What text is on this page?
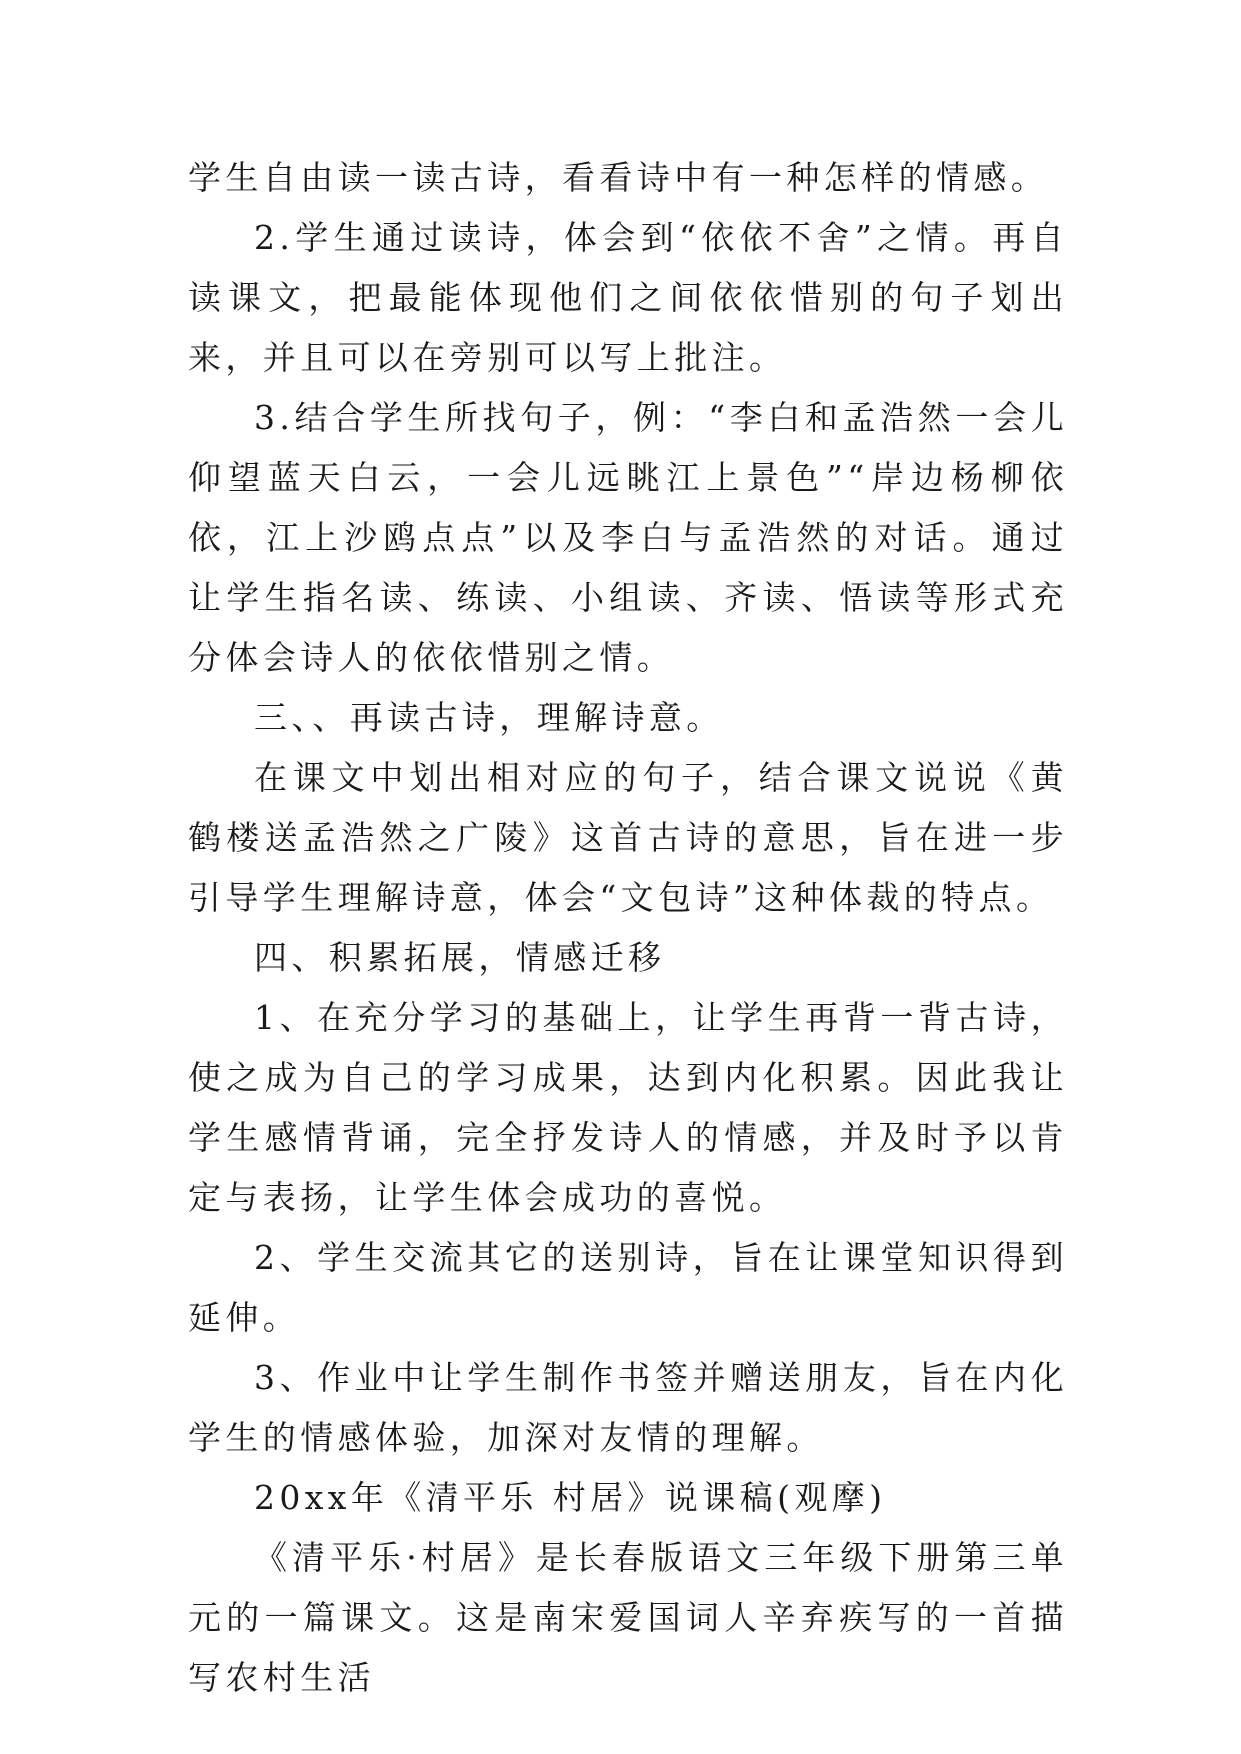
学生自由读一读古诗，看看诗中有一种怎样的情感。

2.学生通过读诗，体会到“依依不舍”之情。再自读课文，把最能体现他们之间依依惜别的句子划出来，并且可以在旁别可以写上批注。

3.结合学生所找句子，例：“李白和孟浩然一会儿仰望蓝天白云，一会儿远眺江上景色”“岸边杨柳依依，江上沙鸥点点”以及李白与孟浩然的对话。通过让学生指名读、练读、小组读、齐读、悟读等形式充分体会诗人的依依惜别之情。

三、、再读古诗，理解诗意。

在课文中划出相对应的句子，结合课文说说《黄鹤楼送孟浩然之广陵》这首古诗的意思，旨在进一步引导学生理解诗意，体会“文包诗”这种体裁的特点。

四、积累拓展，情感迁移

1、在充分学习的基础上，让学生再背一背古诗，使之成为自己的学习成果，达到内化积累。因此我让学生感情背诵，完全抒发诗人的情感，并及时予以肯定与表扬，让学生体会成功的喜悦。

2、学生交流其它的送别诗，旨在让课堂知识得到延伸。

3、作业中让学生制作书签并赠送朋友，旨在内化学生的情感体验，加深对友情的理解。

20xx年《清平乐 村居》说课稿(观摩)

《清平乐·村居》是长春版语文三年级下册第三单元的一篇课文。这是南宋爱国词人辛弃疾写的一首描写农村生活
